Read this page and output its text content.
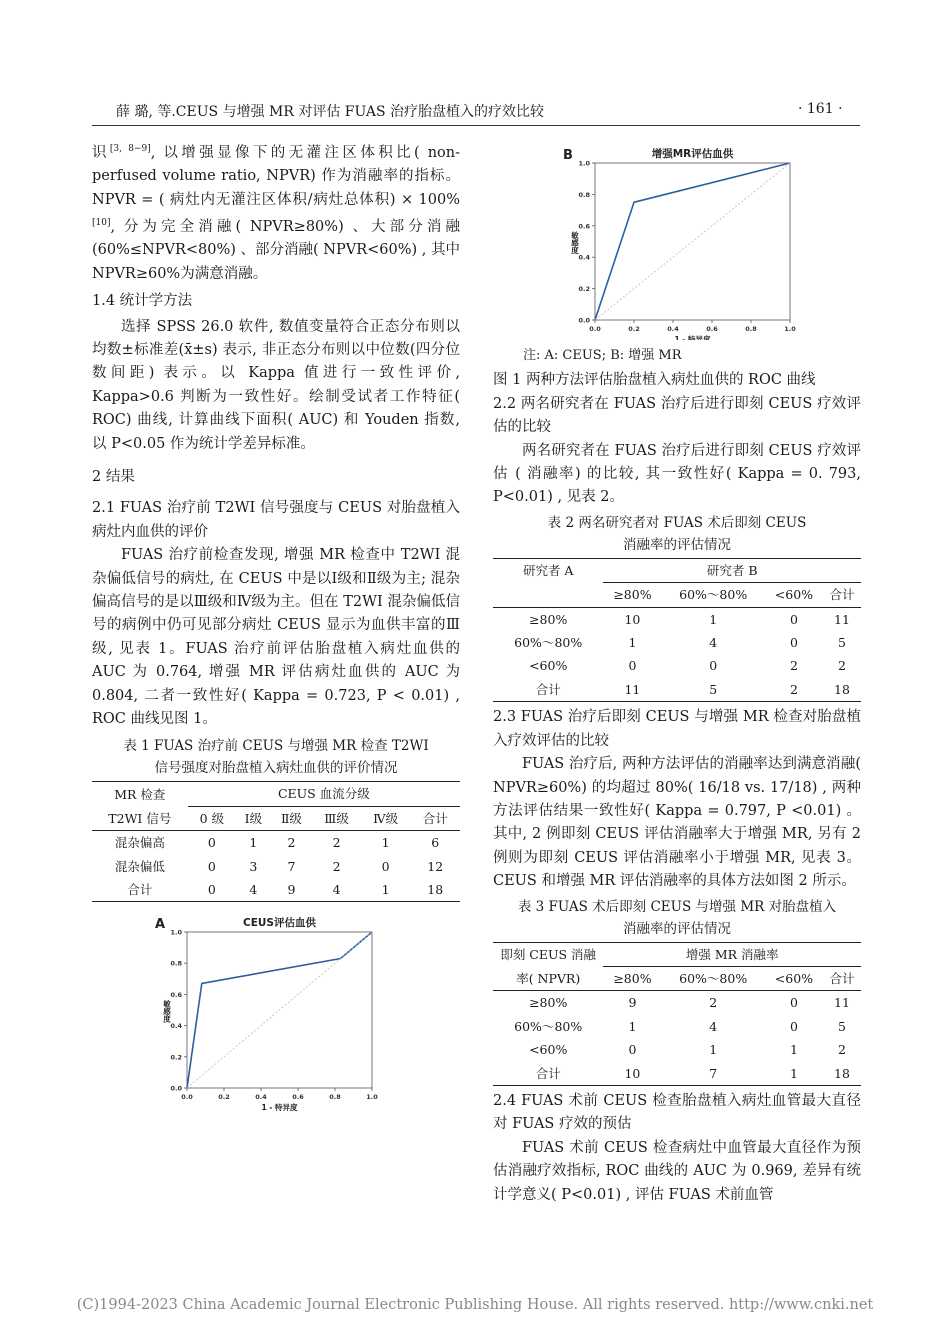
薛 璐, 等.CEUS 与增强 MR 对评估 FUAS 治疗胎盘植入的疗效比较	· 161 ·

识[3, 8−9], 以增强显像下的无灌注区体积比( non-perfused volume ratio, NPVR) 作为消融率的指标。NPVR = ( 病灶内无灌注区体积/病灶总体积) × 100%[10], 分为完全消融( NPVR≥80%) 、大部分消融(60%≤NPVR<80%) 、部分消融( NPVR<60%) , 其中 NPVR≥60%为满意消融。

1.4 统计学方法

选择 SPSS 26.0 软件, 数值变量符合正态分布则以均数±标准差(x̄±s) 表示, 非正态分布则以中位数(四分位数间距) 表示。以 Kappa 值进行一致性评价, Kappa>0.6 判断为一致性好。绘制受试者工作特征( ROC) 曲线, 计算曲线下面积( AUC) 和 Youden 指数, 以 P<0.05 作为统计学差异标准。

2 结果

2.1 FUAS 治疗前 T2WI 信号强度与 CEUS 对胎盘植入病灶内血供的评价

FUAS 治疗前检查发现, 增强 MR 检查中 T2WI 混杂偏低信号的病灶, 在 CEUS 中是以Ⅰ级和Ⅱ级为主; 混杂偏高信号的是以Ⅲ级和Ⅳ级为主。但在 T2WI 混杂偏低信号的病例中仍可见部分病灶 CEUS 显示为血供丰富的Ⅲ级, 见表 1。FUAS 治疗前评估胎盘植入病灶血供的 AUC 为 0.764, 增强 MR 评估病灶血供的 AUC 为 0.804, 二者一致性好( Kappa = 0.723, P < 0.01) , ROC 曲线见图 1。

表 1 FUAS 治疗前 CEUS 与增强 MR 检查 T2WI
信号强度对胎盘植入病灶血供的评价情况
MR 检查	CEUS 血流分级					
T2WI 信号	0 级	Ⅰ级	Ⅱ级	Ⅲ级	Ⅳ级	合计
混杂偏高	0	1	2	2	1	6
混杂偏低	0	3	7	2	0	12
合计	0	4	9	4	1	18
A	CEUS评估血供
0.0	0.2	0.4	0.6	0.8	1.0
0.0
0.2
0.4
0.6
0.8
1.0
1 - 特异度
敏感度
B	增强MR评估血供
0.0	0.2	0.4	0.6	0.8	1.0
0.0
0.2
0.4
0.6
0.8
1.0
1 - 特异度
敏感度

注: A: CEUS; B: 增强 MR

图 1 两种方法评估胎盘植入病灶血供的 ROC 曲线

2.2 两名研究者在 FUAS 治疗后进行即刻 CEUS 疗效评估的比较

两名研究者在 FUAS 治疗后进行即刻 CEUS 疗效评估 ( 消融率) 的比较, 其一致性好( Kappa = 0. 793, P<0.01) , 见表 2。

表 2 两名研究者对 FUAS 术后即刻 CEUS
消融率的评估情况
研究者 A	研究者 B			
	≥80%	60%～80%	<60%	合计
≥80%	10	1	0	11
60%～80%	1	4	0	5
<60%	0	0	2	2
合计	11	5	2	18

2.3 FUAS 治疗后即刻 CEUS 与增强 MR 检查对胎盘植入疗效评估的比较

FUAS 治疗后, 两种方法评估的消融率达到满意消融( NPVR≥60%) 的均超过 80%( 16/18 vs. 17/18) , 两种方法评估结果一致性好( Kappa = 0.797, P <0.01) 。其中, 2 例即刻 CEUS 评估消融率大于增强 MR, 另有 2 例则为即刻 CEUS 评估消融率小于增强 MR, 见表 3。CEUS 和增强 MR 评估消融率的具体方法如图 2 所示。

表 3 FUAS 术后即刻 CEUS 与增强 MR 对胎盘植入
消融率的评估情况
即刻 CEUS 消融	增强 MR 消融率			
率( NPVR)	≥80%	60%～80%	<60%	合计
≥80%	9	2	0	11
60%～80%	1	4	0	5
<60%	0	1	1	2
合计	10	7	1	18

2.4 FUAS 术前 CEUS 检查胎盘植入病灶血管最大直径对 FUAS 疗效的预估

FUAS 术前 CEUS 检查病灶中血管最大直径作为预估消融疗效指标, ROC 曲线的 AUC 为 0.969, 差异有统计学意义( P<0.01) , 评估 FUAS 术前血管

(C)1994-2023 China Academic Journal Electronic Publishing House. All rights reserved. http://www.cnki.net
